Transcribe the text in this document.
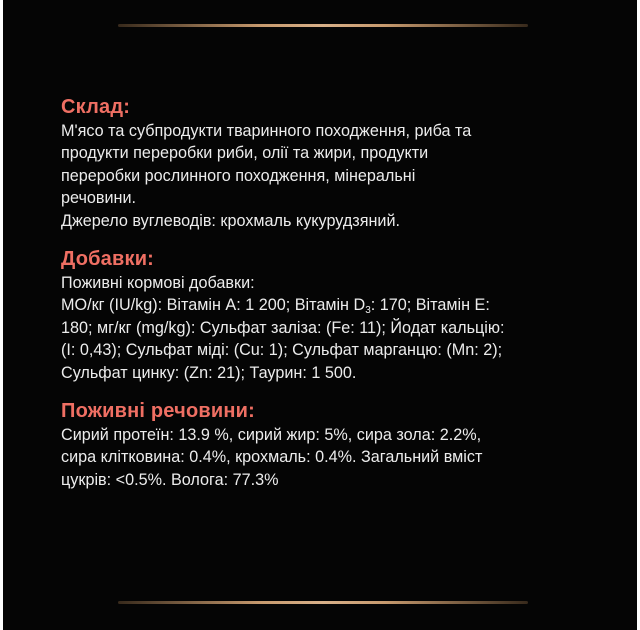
Склад:

М'ясо та субпродукти тваринного походження, риба та
продукти переробки риби, олії та жири, продукти
переробки рослинного походження, мінеральні
речовини.
Джерело вуглеводів: крохмаль кукурудзяний.

Добавки:

Поживні кормові добавки:
МО/кг (IU/kg): Вітамін А: 1 200; Вітамін $D_3$: 170; Вітамін Е:
180; мг/кг (mg/kg): Сульфат заліза: (Fe: 11); Йодат кальцію:
(I: 0,43); Сульфат міді: (Cu: 1); Сульфат марганцю: (Mn: 2);
Сульфат цинку: (Zn: 21); Таурин: 1 500.

Поживні речовини:

Сирий протеїн: 13.9 %, сирий жир: 5%, сира зола: 2.2%,
сира клітковина: 0.4%, крохмаль: 0.4%. Загальний вміст
цукрів: <0.5%. Волога: 77.3%
